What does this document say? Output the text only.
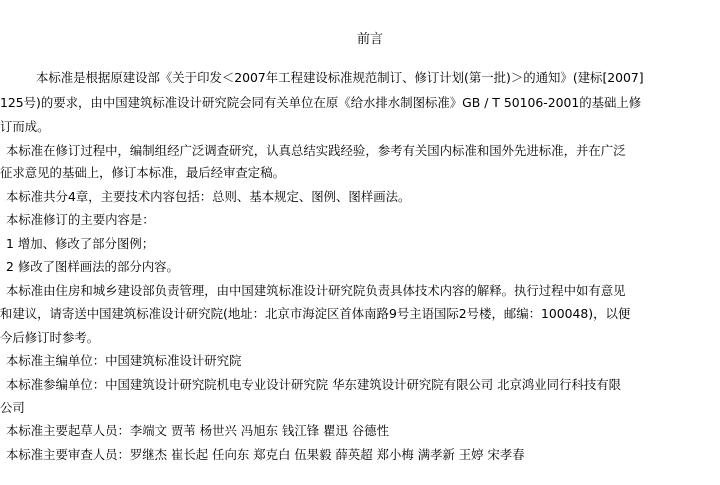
前言
本标准是根据原建设部《关于印发＜2007年工程建设标准规范制订、修订计划(第一批)＞的通知》(建标[2007]
125号)的要求，由中国建筑标准设计研究院会同有关单位在原《给水排水制图标准》GB / T 50106-2001的基础上修
订而成。
本标准在修订过程中，编制组经广泛调查研究，认真总结实践经验，参考有关国内标准和国外先进标准，并在广泛
征求意见的基础上，修订本标准，最后经审查定稿。
本标准共分4章，主要技术内容包括：总则、基本规定、图例、图样画法。
本标准修订的主要内容是：
1 增加、修改了部分图例；
2 修改了图样画法的部分内容。
本标准由住房和城乡建设部负责管理，由中国建筑标准设计研究院负责具体技术内容的解释。执行过程中如有意见
和建议，请寄送中国建筑标准设计研究院(地址：北京市海淀区首体南路9号主语国际2号楼，邮编：100048)，以便
今后修订时参考。
本标准主编单位：中国建筑标准设计研究院
本标准参编单位：中国建筑设计研究院机电专业设计研究院 华东建筑设计研究院有限公司 北京鸿业同行科技有限
公司
本标准主要起草人员：李端文 贾苇 杨世兴 冯旭东 钱江锋 瞿迅 谷德性
本标准主要审查人员：罗继杰 崔长起 任向东 郑克白 伍果毅 薛英超 郑小梅 满孝新 王婷 宋孝春
